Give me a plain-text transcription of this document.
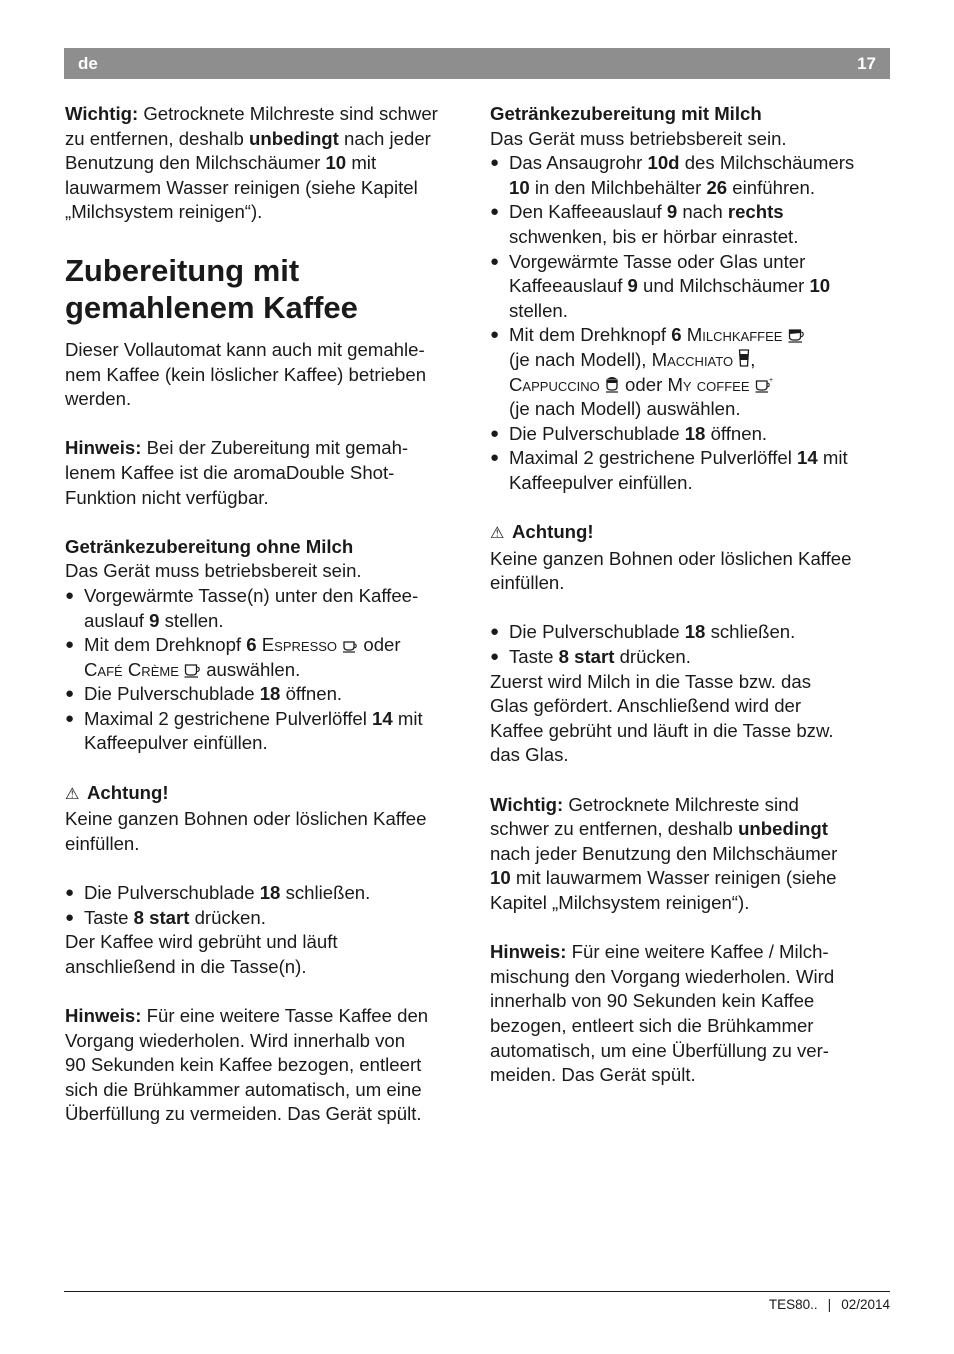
de	17

Wichtig: Getrocknete Milchreste sind schwer zu entfernen, deshalb unbedingt nach jeder Benutzung den Milchschäumer 10 mit lauwarmem Wasser reinigen (siehe Kapitel „Milchsystem reinigen“).

Zubereitung mit
gemahlenem Kaffee

Dieser Vollautomat kann auch mit gemahle-
nem Kaffee (kein löslicher Kaffee) betrieben
werden.

Hinweis: Bei der Zubereitung mit gemah-
lenem Kaffee ist die aromaDouble Shot-
Funktion nicht verfügbar.

Getränkezubereitung ohne Milch

Das Gerät muss betriebsbereit sein.

● Vorgewärmte Tasse(n) unter den Kaffee-
auslauf 9 stellen.
● Mit dem Drehknopf 6 Espresso  oder
Café Crème  auswählen.
● Die Pulverschublade 18 öffnen.
● Maximal 2 gestrichene Pulverlöffel 14 mit
Kaffeepulver einfüllen.

⚠ Achtung!

Keine ganzen Bohnen oder löslichen Kaffee
einfüllen.

● Die Pulverschublade 18 schließen.
● Taste 8 start drücken.

Der Kaffee wird gebrüht und läuft
anschließend in die Tasse(n).

Hinweis: Für eine weitere Tasse Kaffee den
Vorgang wiederholen. Wird innerhalb von
90 Sekunden kein Kaffee bezogen, entleert
sich die Brühkammer automatisch, um eine
Überfüllung zu vermeiden. Das Gerät spült.

Getränkezubereitung mit Milch

Das Gerät muss betriebsbereit sein.

● Das Ansaugrohr 10d des Milchschäumers
10 in den Milchbehälter 26 einführen.
● Den Kaffeeauslauf 9 nach rechts
schwenken, bis er hörbar einrastet.
● Vorgewärmte Tasse oder Glas unter
Kaffeeauslauf 9 und Milchschäumer 10
stellen.
● Mit dem Drehknopf 6 Milchkaffee
(je nach Modell), Macchiato ,
Cappuccino  oder My coffee	+

(je nach Modell) auswählen.
● Die Pulverschublade 18 öffnen.
● Maximal 2 gestrichene Pulverlöffel 14 mit
Kaffeepulver einfüllen.

⚠ Achtung!

Keine ganzen Bohnen oder löslichen Kaffee
einfüllen.

● Die Pulverschublade 18 schließen.
● Taste 8 start drücken.

Zuerst wird Milch in die Tasse bzw. das
Glas gefördert. Anschließend wird der
Kaffee gebrüht und läuft in die Tasse bzw.
das Glas.

Wichtig: Getrocknete Milchreste sind
schwer zu entfernen, deshalb unbedingt
nach jeder Benutzung den Milchschäumer
10 mit lauwarmem Wasser reinigen (siehe
Kapitel „Milchsystem reinigen“).

Hinweis: Für eine weitere Kaffee / Milch-
mischung den Vorgang wiederholen. Wird
innerhalb von 90 Sekunden kein Kaffee
bezogen, entleert sich die Brühkammer
automatisch, um eine Überfüllung zu ver-
meiden. Das Gerät spült.

TES80.. | 02/2014
